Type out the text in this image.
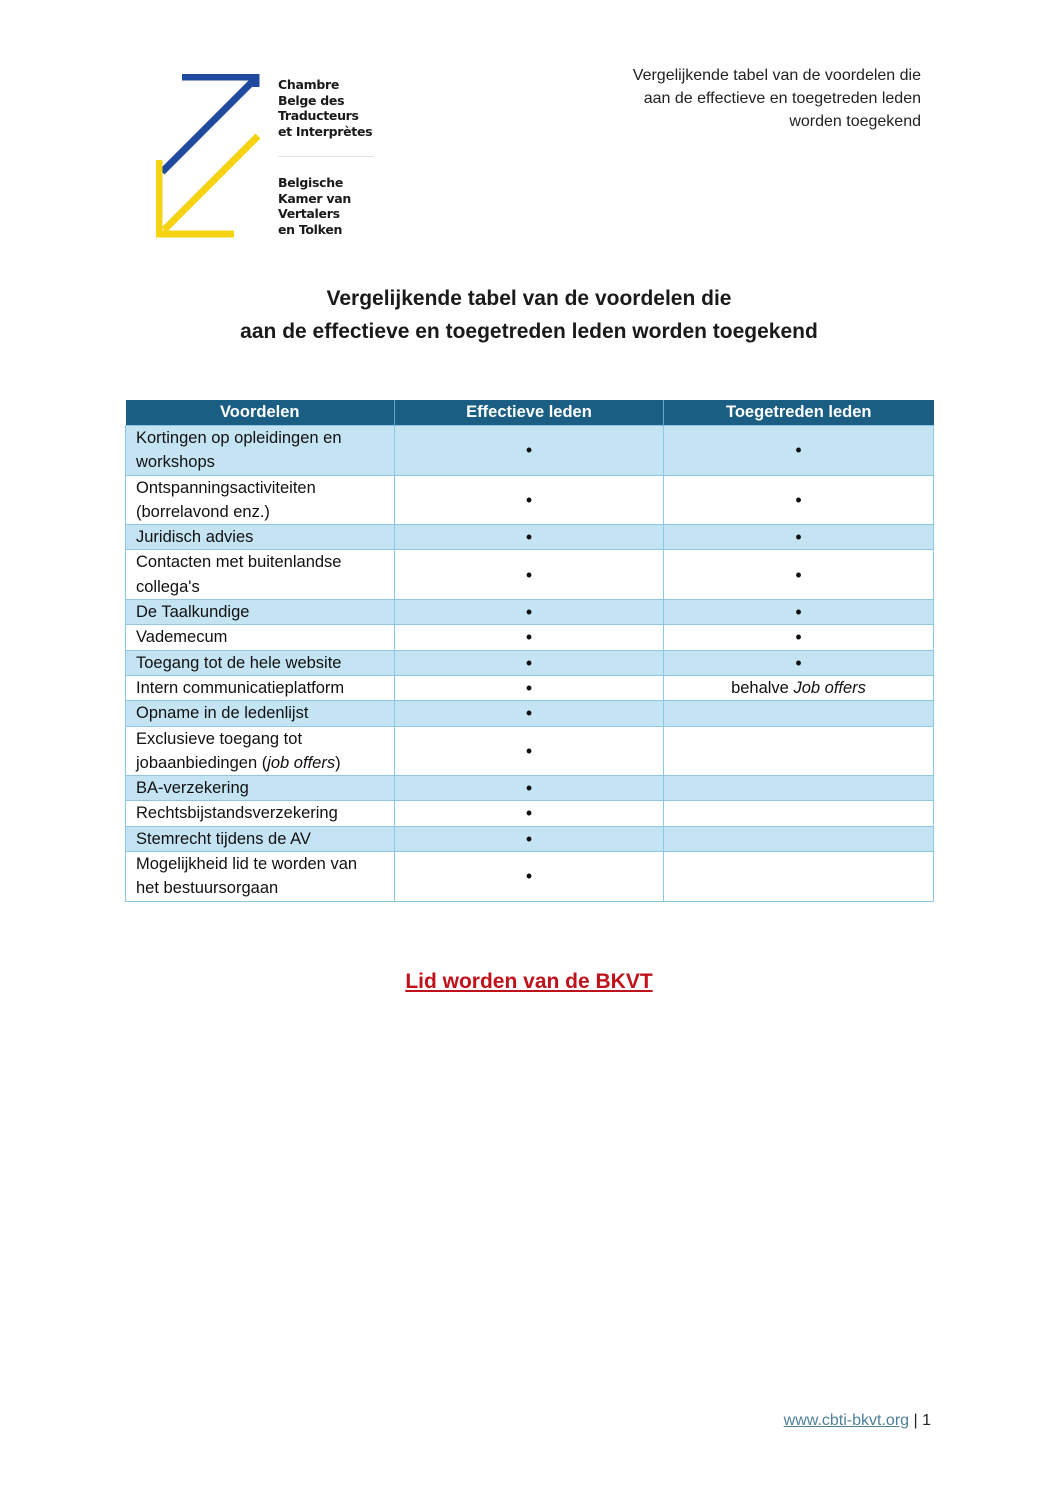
Chambre
Belge des
Traducteurs
et Interprètes
Belgische
Kamer van
Vertalers
en Tolken
Vergelijkende tabel van de voordelen die
aan de effectieve en toegetreden leden
worden toegekend
Vergelijkende tabel van de voordelen die
aan de effectieve en toegetreden leden worden toegekend
Voordelen	Effectieve leden	Toegetreden leden
Kortingen op opleidingen en workshops	•	•
Ontspanningsactiviteiten (borrelavond enz.)	•	•
Juridisch advies	•	•
Contacten met buitenlandse collega's	•	•
De Taalkundige	•	•
Vademecum	•	•
Toegang tot de hele website	•	•
Intern communicatieplatform	•	behalve Job offers
Opname in de ledenlijst	•	
Exclusieve toegang tot jobaanbiedingen (job offers)	•	
BA-verzekering	•	
Rechtsbijstandsverzekering	•	
Stemrecht tijdens de AV	•	
Mogelijkheid lid te worden van het bestuursorgaan	•	
Lid worden van de BKVT
www.cbti-bkvt.org | 1
